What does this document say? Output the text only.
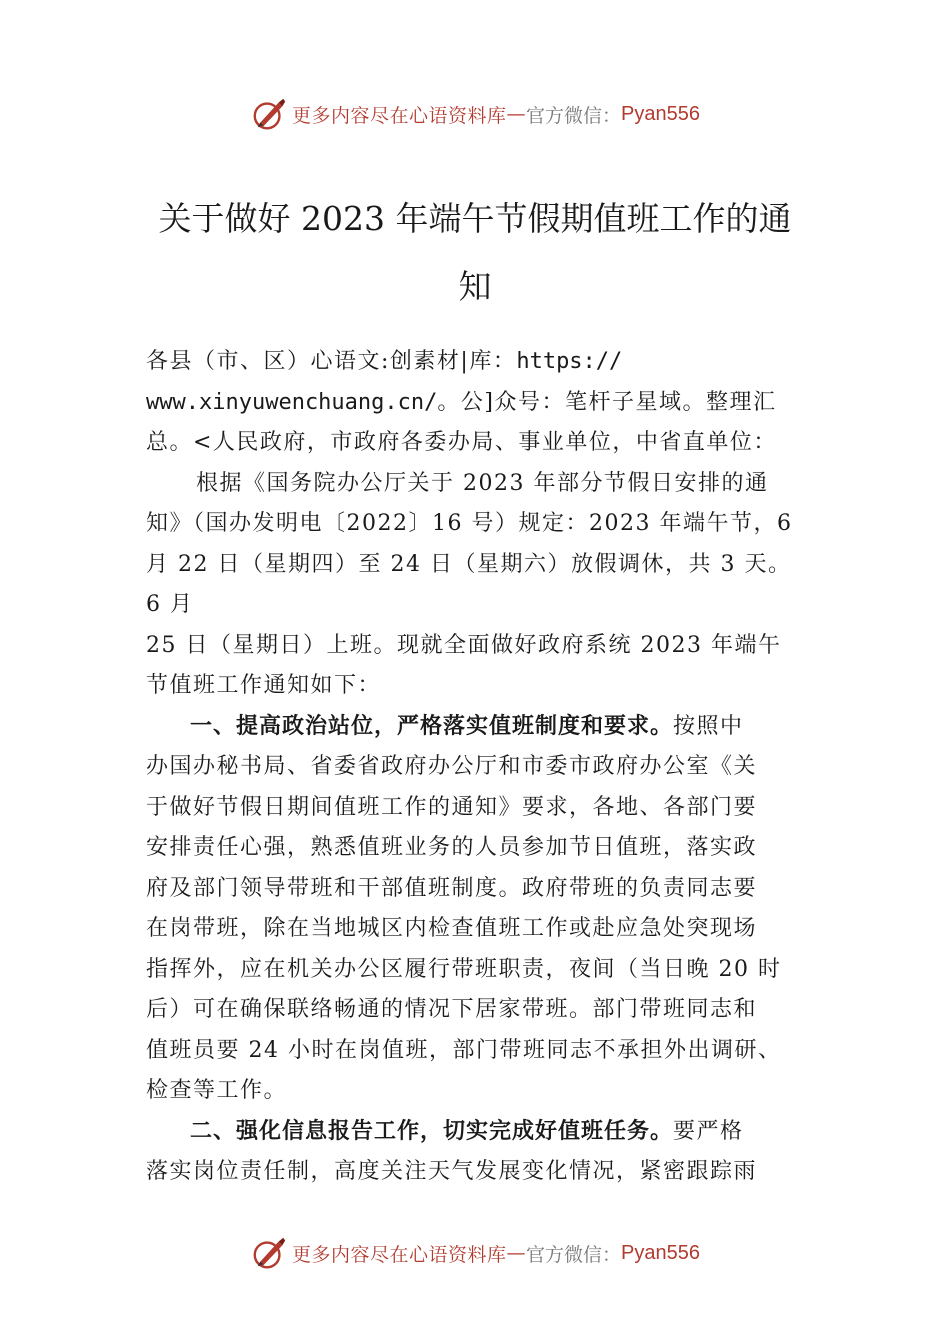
更多内容尽在心语资料库 — 官方微信： Pyan556
关于做好 2023 年端午节假期值班工作的通
知
各县（市、区）心语文:创素材|库：https://
www.xinyuwenchuang.cn/。公]众号：笔杆子星域。整理汇
总。<人民政府，市政府各委办局、事业单位，中省直单位：
根据《国务院办公厅关于 2023 年部分节假日安排的通
知》（国办发明电〔2022〕16 号）规定：2023 年端午节，6
月 22 日（星期四）至 24 日（星期六）放假调休，共 3 天。
6 月
25 日（星期日）上班。现就全面做好政府系统 2023 年端午
节值班工作通知如下：
一、提高政治站位，严格落实值班制度和要求。按照中
办国办秘书局、省委省政府办公厅和市委市政府办公室《关
于做好节假日期间值班工作的通知》要求，各地、各部门要
安排责任心强，熟悉值班业务的人员参加节日值班，落实政
府及部门领导带班和干部值班制度。政府带班的负责同志要
在岗带班，除在当地城区内检查值班工作或赴应急处突现场
指挥外，应在机关办公区履行带班职责，夜间（当日晚 20 时
后）可在确保联络畅通的情况下居家带班。部门带班同志和
值班员要 24 小时在岗值班，部门带班同志不承担外出调研、
检查等工作。
二、强化信息报告工作，切实完成好值班任务。要严格
落实岗位责任制，高度关注天气发展变化情况，紧密跟踪雨
更多内容尽在心语资料库 — 官方微信： Pyan556
